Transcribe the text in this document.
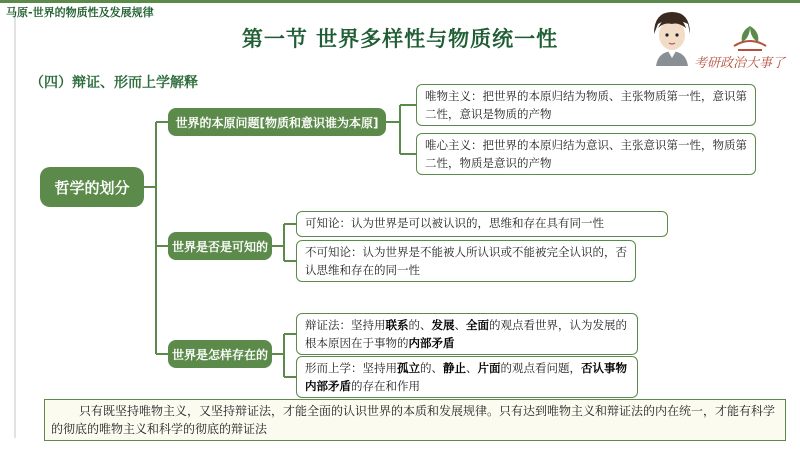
马原-世界的物质性及发展规律
第一节 世界多样性与物质统一性
（四）辩证、形而上学解释
考研政治大事了
哲学的划分
世界的本原问题[物质和意识谁为本原]
世界是否是可知的
世界是怎样存在的
唯物主义：把世界的本原归结为物质、主张物质第一性，意识第二性，意识是物质的产物
唯心主义：把世界的本原归结为意识、主张意识第一性，物质第二性，物质是意识的产物
可知论：认为世界是可以被认识的，思维和存在具有同一性
不可知论：认为世界是不能被人所认识或不能被完全认识的，否认思维和存在的同一性
辩证法：坚持用联系的、发展、全面的观点看世界，认为发展的根本原因在于事物的内部矛盾
形而上学：坚持用孤立的、静止、片面的观点看问题，否认事物内部矛盾的存在和作用
只有既坚持唯物主义，又坚持辩证法，才能全面的认识世界的本质和发展规律。只有达到唯物主义和辩证法的内在统一，才能有科学的彻底的唯物主义和科学的彻底的辩证法
